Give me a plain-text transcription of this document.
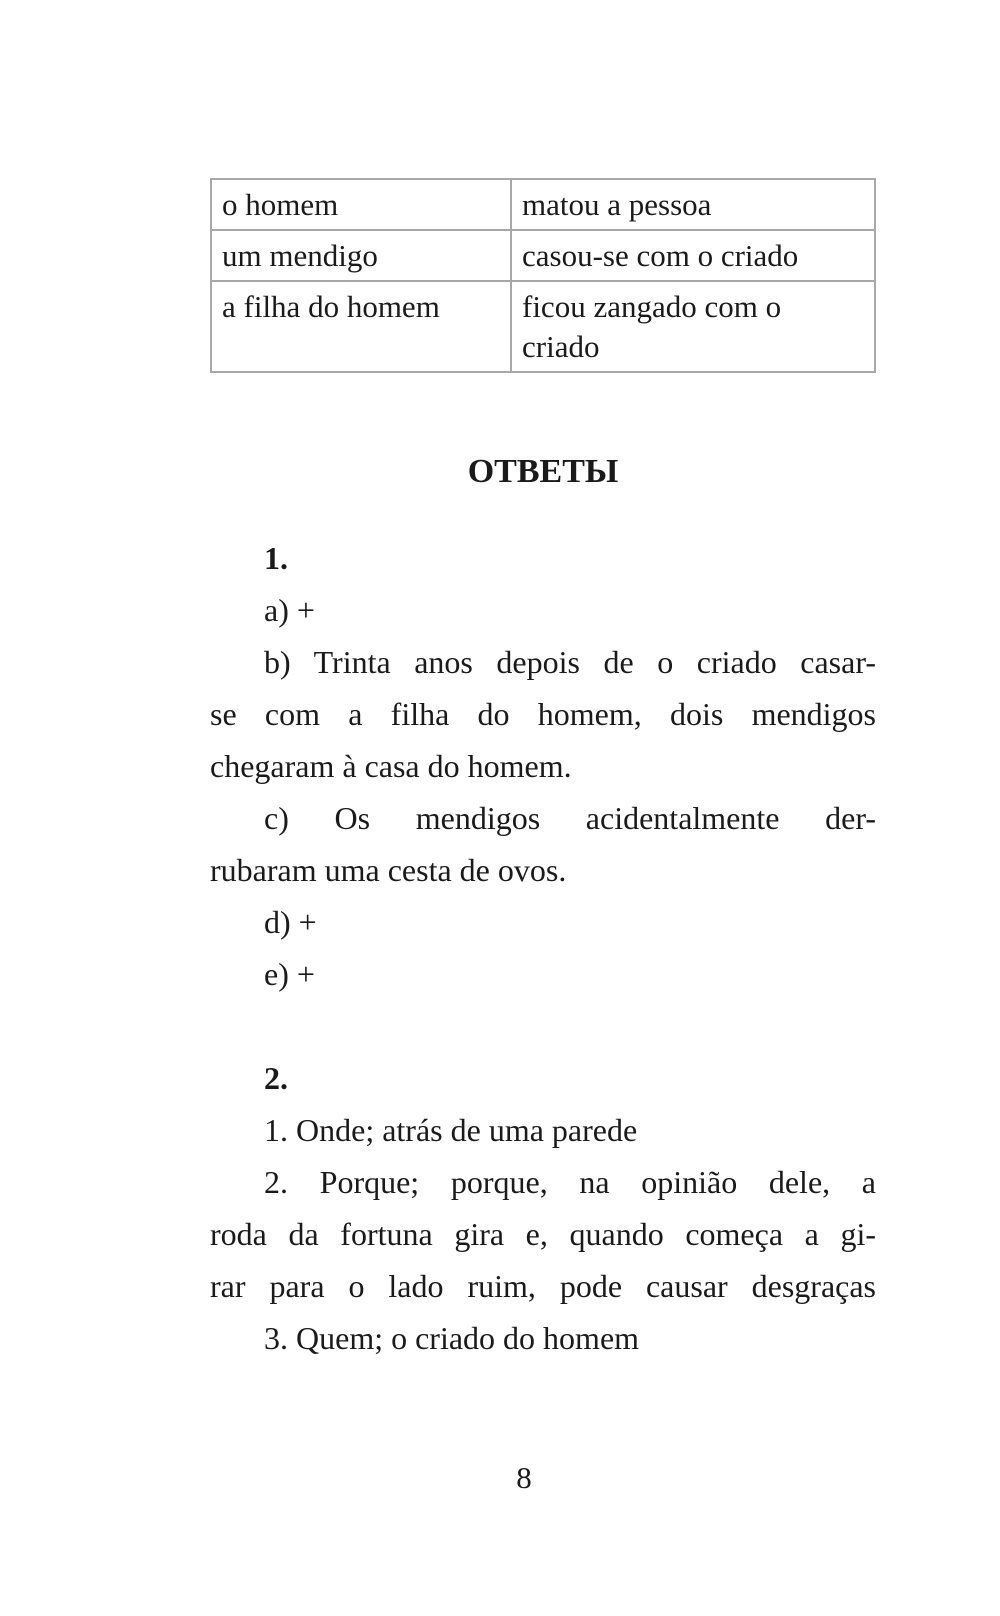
o homem	matou a pessoa
um mendigo	casou-se com o criado
a filha do homem	ficou zangado com o criado
ОТВЕТЫ
1.
a) +
b) Trinta anos depois de o criado casar-
se com a filha do homem, dois mendigos
chegaram à casa do homem.
c) Os mendigos acidentalmente der-
rubaram uma cesta de ovos.
d) +
e) +
2.
1. Onde; atrás de uma parede
2. Porque; porque, na opinião dele, a
roda da fortuna gira e, quando começa a gi-
rar para o lado ruim, pode causar desgraças
3. Quem; o criado do homem
8
